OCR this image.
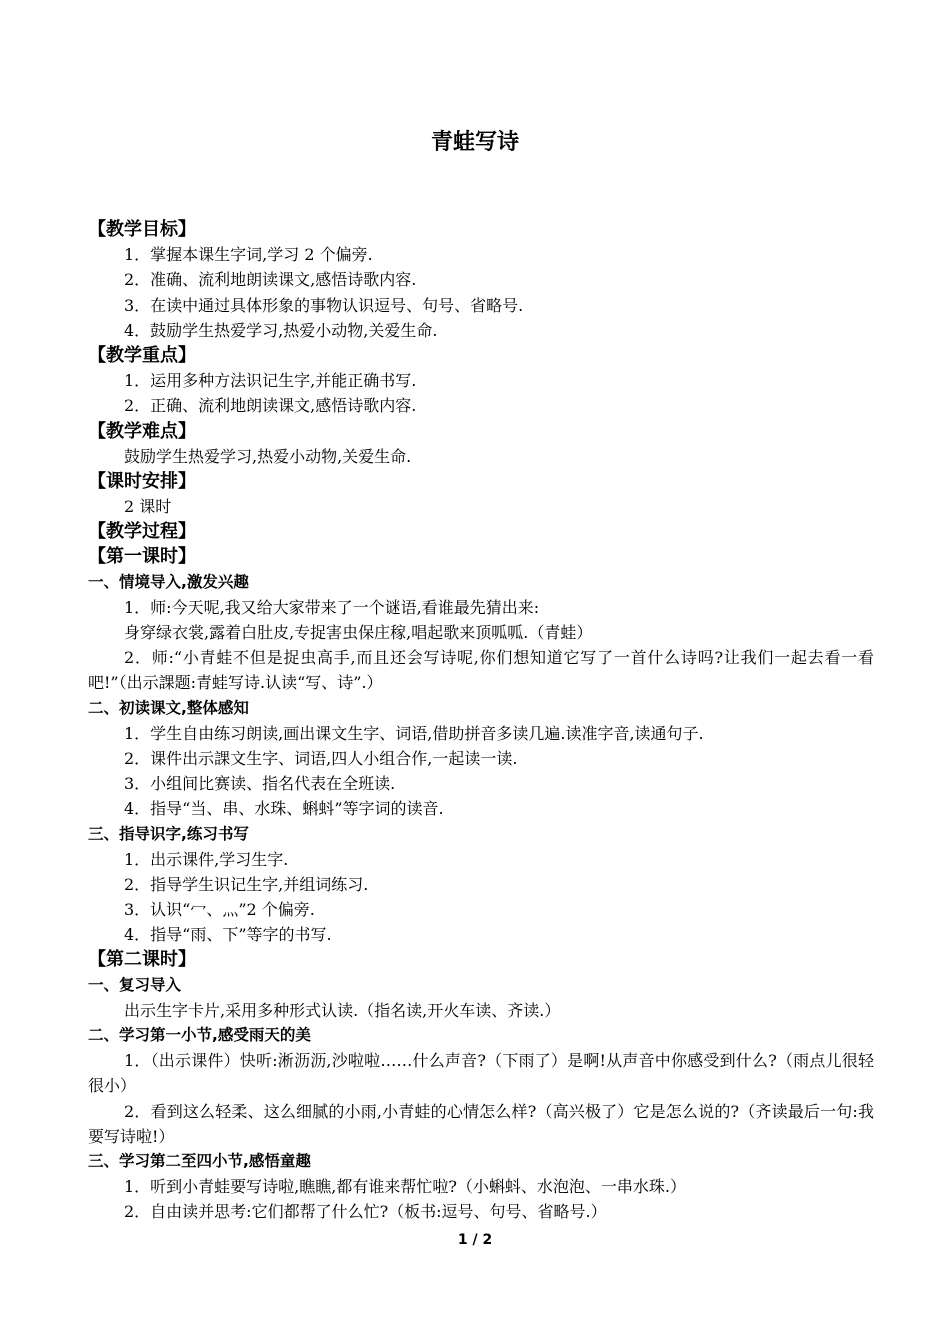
青蛙写诗
【教学目标】
1．掌握本课生字词,学习 2 个偏旁.
2．准确、流利地朗读课文,感悟诗歌内容.
3．在读中通过具体形象的事物认识逗号、句号、省略号.
4．鼓励学生热爱学习,热爱小动物,关爱生命.
【教学重点】
1．运用多种方法识记生字,并能正确书写.
2．正确、流利地朗读课文,感悟诗歌内容.
【教学难点】
鼓励学生热爱学习,热爱小动物,关爱生命.
【课时安排】
2 课时
【教学过程】
【第一课时】
一、情境导入,激发兴趣
1．师:今天呢,我又给大家带来了一个谜语,看谁最先猜出来:
身穿绿衣裳,露着白肚皮,专捉害虫保庄稼,唱起歌来顶呱呱.（青蛙）
2．师:“小青蛙不但是捉虫高手,而且还会写诗呢,你们想知道它写了一首什么诗吗?让我们一起去看一看吧!”（出示課题:青蛙写诗.认读“写、诗”.）
二、初读课文,整体感知
1．学生自由练习朗读,画出课文生字、词语,借助拼音多读几遍.读准字音,读通句子.
2．课件出示課文生字、词语,四人小组合作,一起读一读.
3．小组间比赛读、指名代表在全班读.
4．指导“当、串、水珠、蝌蚪”等字词的读音.
三、指导识字,练习书写
1．出示课件,学习生字.
2．指导学生识记生字,并组词练习.
3．认识“冖、灬”2 个偏旁.
4．指导“雨、下”等字的书写.
【第二课时】
一、复习导入
出示生字卡片,采用多种形式认读.（指名读,开火车读、齐读.）
二、学习第一小节,感受雨天的美
1．（出示课件）快听:淅沥沥,沙啦啦……什么声音?（下雨了）是啊!从声音中你感受到什么?（雨点儿很轻很小）
2．看到这么轻柔、这么细腻的小雨,小青蛙的心情怎么样?（高兴极了）它是怎么说的?（齐读最后一句:我要写诗啦!）
三、学习第二至四小节,感悟童趣
1．听到小青蛙要写诗啦,瞧瞧,都有谁来帮忙啦?（小蝌蚪、水泡泡、一串水珠.）
2．自由读并思考:它们都帮了什么忙?（板书:逗号、句号、省略号.）
1 / 2
